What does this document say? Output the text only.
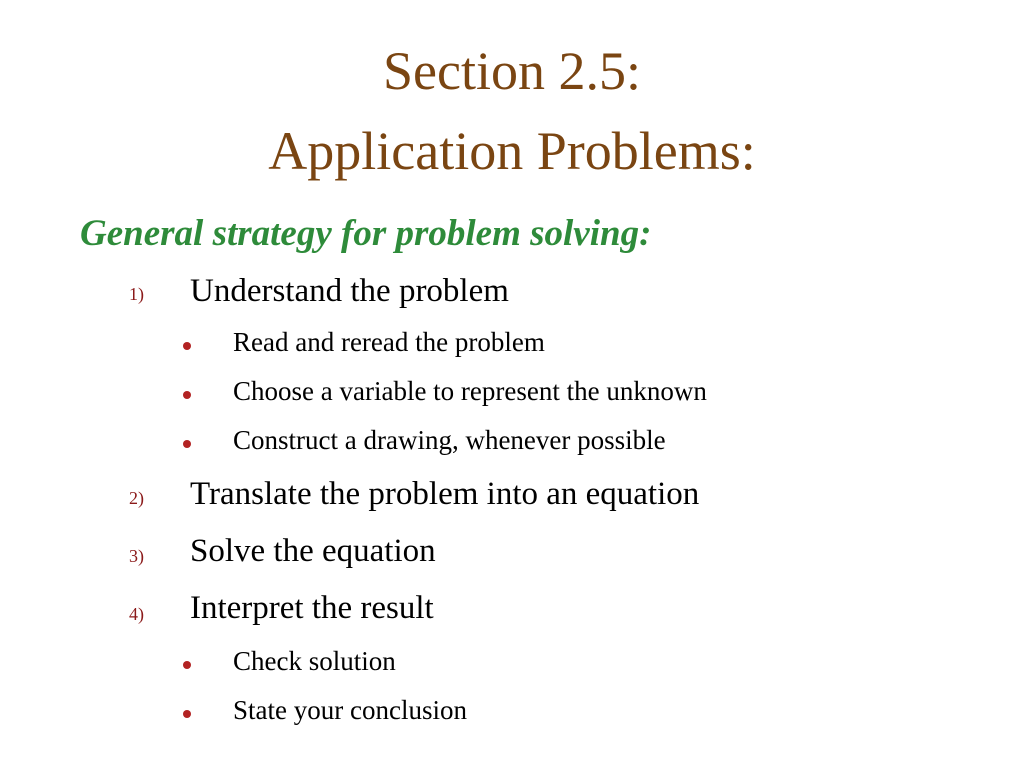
Section 2.5:
Application Problems:

General strategy for problem solving:

1) Understand the problem
Read and reread the problem
Choose a variable to represent the unknown
Construct a drawing, whenever possible
2) Translate the problem into an equation
3) Solve the equation
4) Interpret the result
Check solution
State your conclusion
